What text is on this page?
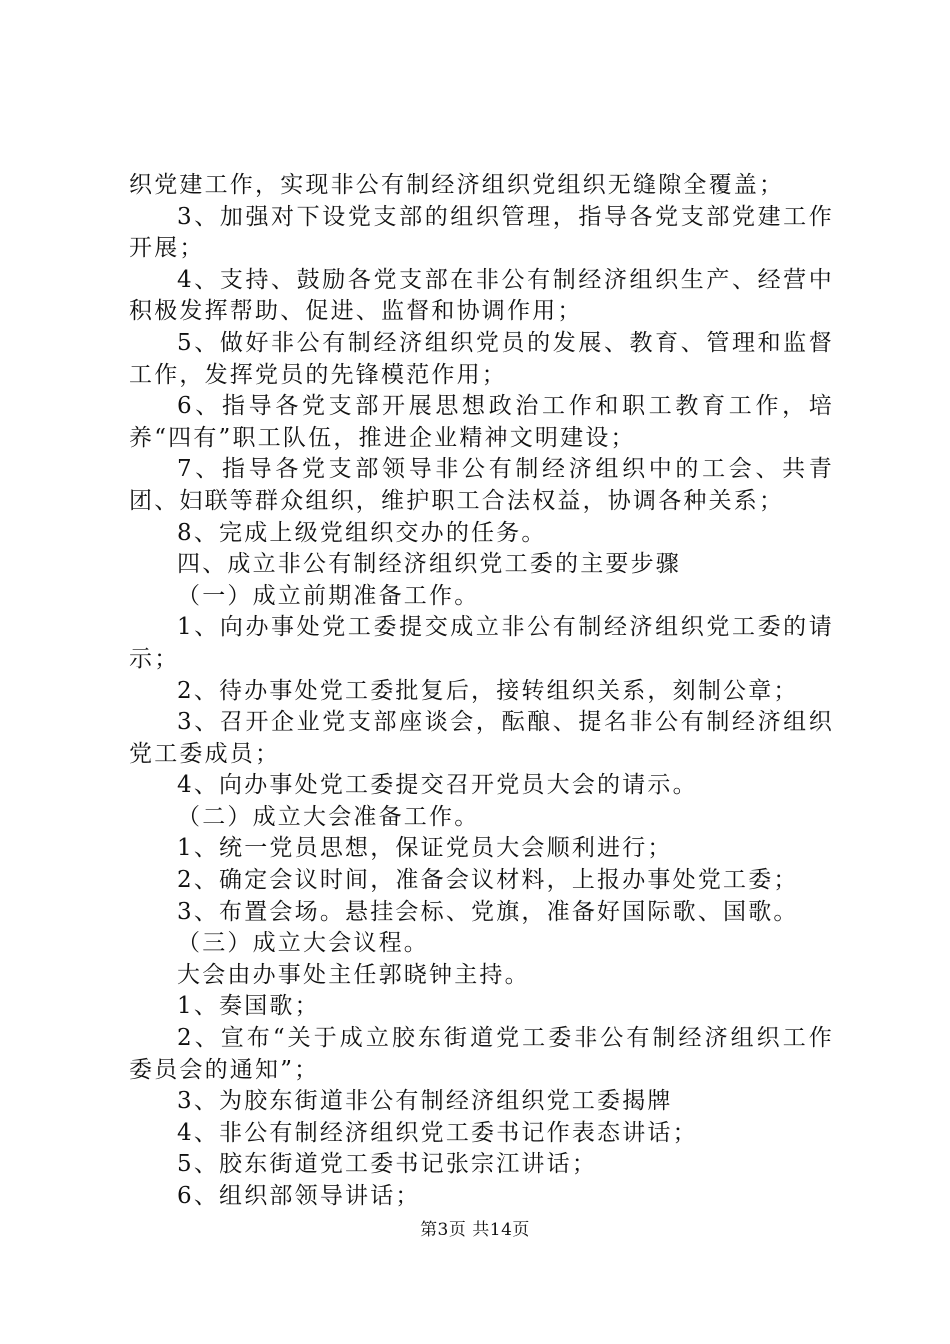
织党建工作，实现非公有制经济组织党组织无缝隙全覆盖；

3、加强对下设党支部的组织管理，指导各党支部党建工作开展；

4、支持、鼓励各党支部在非公有制经济组织生产、经营中积极发挥帮助、促进、监督和协调作用；

5、做好非公有制经济组织党员的发展、教育、管理和监督工作，发挥党员的先锋模范作用；

6、指导各党支部开展思想政治工作和职工教育工作，培养“四有”职工队伍，推进企业精神文明建设；

7、指导各党支部领导非公有制经济组织中的工会、共青团、妇联等群众组织，维护职工合法权益，协调各种关系；

8、完成上级党组织交办的任务。

四、成立非公有制经济组织党工委的主要步骤

（一）成立前期准备工作。

1、向办事处党工委提交成立非公有制经济组织党工委的请示；

2、待办事处党工委批复后，接转组织关系，刻制公章；

3、召开企业党支部座谈会，酝酿、提名非公有制经济组织党工委成员；

4、向办事处党工委提交召开党员大会的请示。

（二）成立大会准备工作。

1、统一党员思想，保证党员大会顺利进行；

2、确定会议时间，准备会议材料，上报办事处党工委；

3、布置会场。悬挂会标、党旗，准备好国际歌、国歌。

（三）成立大会议程。

大会由办事处主任郭晓钟主持。

1、奏国歌；

2、宣布“关于成立胶东街道党工委非公有制经济组织工作委员会的通知”；

3、为胶东街道非公有制经济组织党工委揭牌

4、非公有制经济组织党工委书记作表态讲话；

5、胶东街道党工委书记张宗江讲话；

6、组织部领导讲话；

第3页 共14页
